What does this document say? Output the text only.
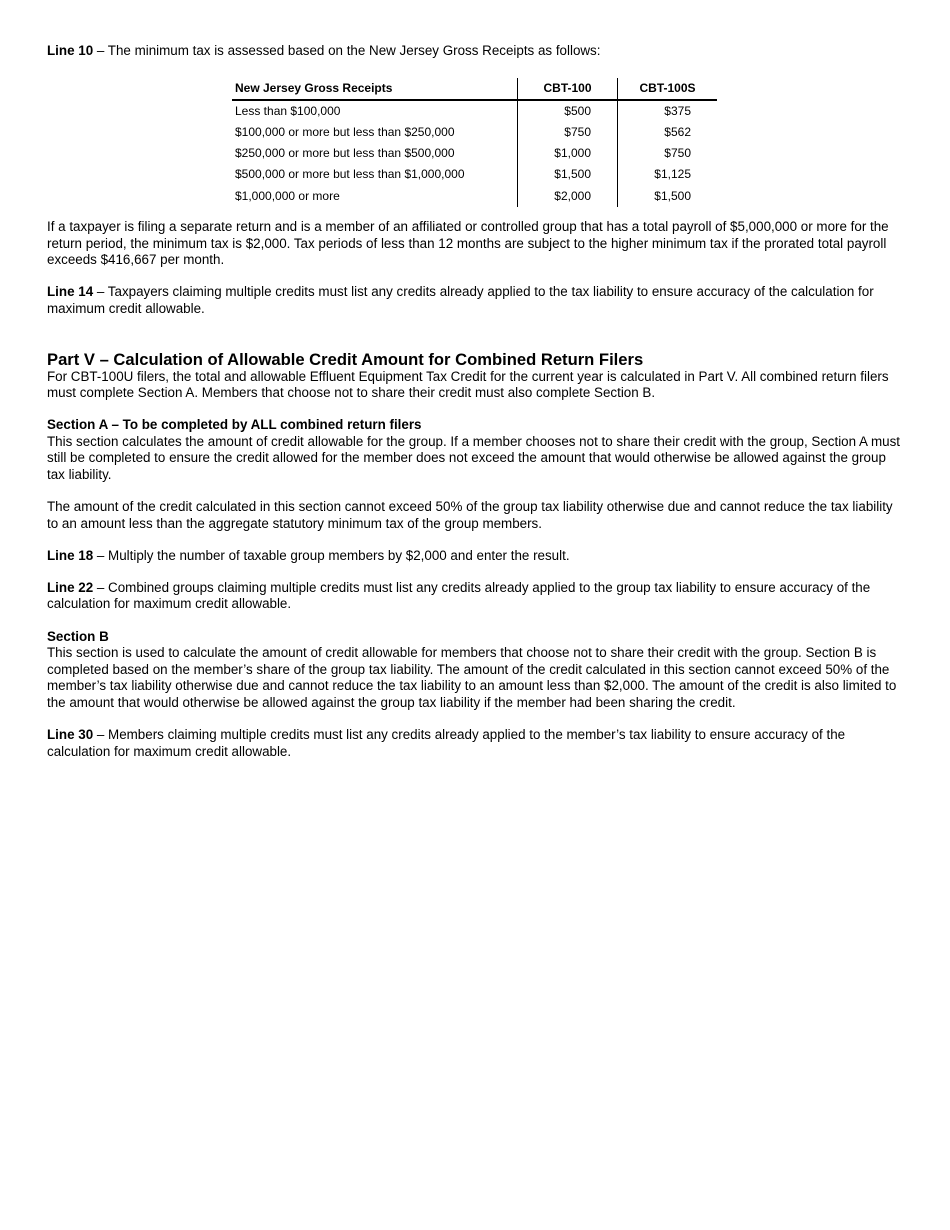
Line 10 – The minimum tax is assessed based on the New Jersey Gross Receipts as follows:

New Jersey Gross Receipts	CBT-100	CBT-100S
Less than $100,000	$500	$375
$100,000 or more but less than $250,000	$750	$562
$250,000 or more but less than $500,000	$1,000	$750
$500,000 or more but less than $1,000,000	$1,500	$1,125
$1,000,000 or more	$2,000	$1,500

If a taxpayer is filing a separate return and is a member of an affiliated or controlled group that has a total payroll of $5,000,000 or more for the return period, the minimum tax is $2,000. Tax periods of less than 12 months are subject to the higher minimum tax if the prorated total payroll exceeds $416,667 per month.

Line 14 – Taxpayers claiming multiple credits must list any credits already applied to the tax liability to ensure accuracy of the calculation for maximum credit allowable.

Part V – Calculation of Allowable Credit Amount for Combined Return Filers

For CBT-100U filers, the total and allowable Effluent Equipment Tax Credit for the current year is calculated in Part V. All combined return filers must complete Section A. Members that choose not to share their credit must also complete Section B.

Section A – To be completed by ALL combined return filers

This section calculates the amount of credit allowable for the group. If a member chooses not to share their credit with the group, Section A must still be completed to ensure the credit allowed for the member does not exceed the amount that would otherwise be allowed against the group tax liability.

The amount of the credit calculated in this section cannot exceed 50% of the group tax liability otherwise due and cannot reduce the tax liability to an amount less than the aggregate statutory minimum tax of the group members.

Line 18 – Multiply the number of taxable group members by $2,000 and enter the result.

Line 22 – Combined groups claiming multiple credits must list any credits already applied to the group tax liability to ensure accuracy of the calculation for maximum credit allowable.

Section B

This section is used to calculate the amount of credit allowable for members that choose not to share their credit with the group. Section B is completed based on the member’s share of the group tax liability. The amount of the credit calculated in this section cannot exceed 50% of the member’s tax liability otherwise due and cannot reduce the tax liability to an amount less than $2,000. The amount of the credit is also limited to the amount that would otherwise be allowed against the group tax liability if the member had been sharing the credit.

Line 30 – Members claiming multiple credits must list any credits already applied to the member’s tax liability to ensure accuracy of the calculation for maximum credit allowable.
